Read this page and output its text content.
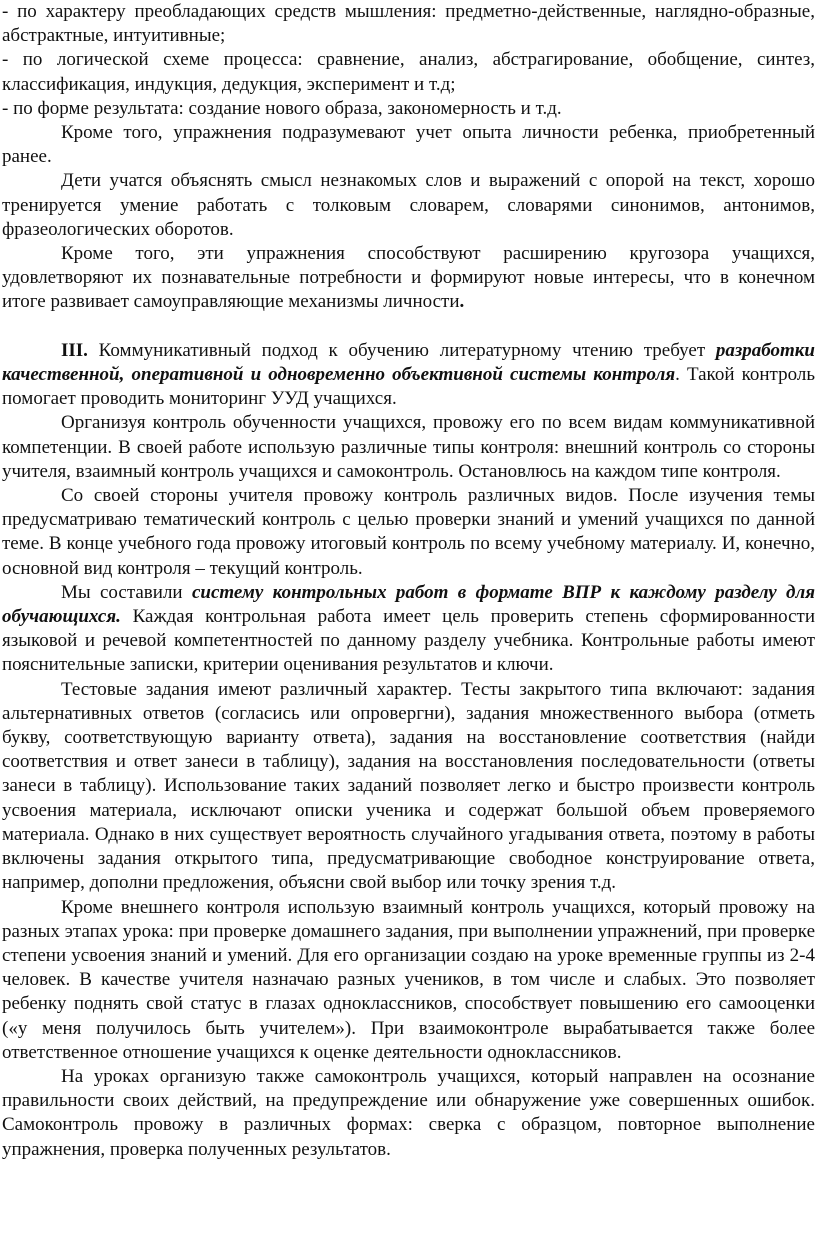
- по характеру преобладающих средств мышления: предметно-действенные, наглядно-образные, абстрактные, интуитивные;

- по логической схеме процесса: сравнение, анализ, абстрагирование, обобщение, синтез, классификация, индукция, дедукция, эксперимент и т.д;

- по форме результата: создание нового образа, закономерность и т.д.

Кроме того, упражнения подразумевают учет опыта личности ребенка, приобретенный ранее.

Дети учатся объяснять смысл незнакомых слов и выражений с опорой на текст, хорошо тренируется умение работать с толковым словарем, словарями синонимов, антонимов, фразеологических оборотов.

Кроме того, эти упражнения способствуют расширению кругозора учащихся, удовлетворяют их познавательные потребности и формируют новые интересы, что в конечном итоге развивает самоуправляющие механизмы личности.

III. Коммуникативный подход к обучению литературному чтению требует разработки качественной, оперативной и одновременно объективной системы контроля. Такой контроль помогает проводить мониторинг УУД учащихся.

Организуя контроль обученности учащихся, провожу его по всем видам коммуникативной компетенции. В своей работе использую различные типы контроля: внешний контроль со стороны учителя, взаимный контроль учащихся и самоконтроль. Остановлюсь на каждом типе контроля.

Со своей стороны учителя провожу контроль различных видов. После изучения темы предусматриваю тематический контроль с целью проверки знаний и умений учащихся по данной теме. В конце учебного года провожу итоговый контроль по всему учебному материалу. И, конечно, основной вид контроля – текущий контроль.

Мы составили систему контрольных работ в формате ВПР к каждому разделу для обучающихся. Каждая контрольная работа имеет цель проверить степень сформированности языковой и речевой компетентностей по данному разделу учебника. Контрольные работы имеют пояснительные записки, критерии оценивания результатов и ключи.

Тестовые задания имеют различный характер. Тесты закрытого типа включают: задания альтернативных ответов (согласись или опровергни), задания множественного выбора (отметь букву, соответствующую варианту ответа), задания на восстановление соответствия (найди соответствия и ответ занеси в таблицу), задания на восстановления последовательности (ответы занеси в таблицу). Использование таких заданий позволяет легко и быстро произвести контроль усвоения материала, исключают описки ученика и содержат большой объем проверяемого материала. Однако в них существует вероятность случайного угадывания ответа, поэтому в работы включены задания открытого типа, предусматривающие свободное конструирование ответа, например, дополни предложения, объясни свой выбор или точку зрения т.д.

Кроме внешнего контроля использую взаимный контроль учащихся, который провожу на разных этапах урока: при проверке домашнего задания, при выполнении упражнений, при проверке степени усвоения знаний и умений. Для его организации создаю на уроке временные группы из 2-4 человек. В качестве учителя назначаю разных учеников, в том числе и слабых. Это позволяет ребенку поднять свой статус в глазах одноклассников, способствует повышению его самооценки («у меня получилось быть учителем»). При взаимоконтроле вырабатывается также более ответственное отношение учащихся к оценке деятельности одноклассников.

На уроках организую также самоконтроль учащихся, который направлен на осознание правильности своих действий, на предупреждение или обнаружение уже совершенных ошибок. Самоконтроль провожу в различных формах: сверка с образцом, повторное выполнение упражнения, проверка полученных результатов.
